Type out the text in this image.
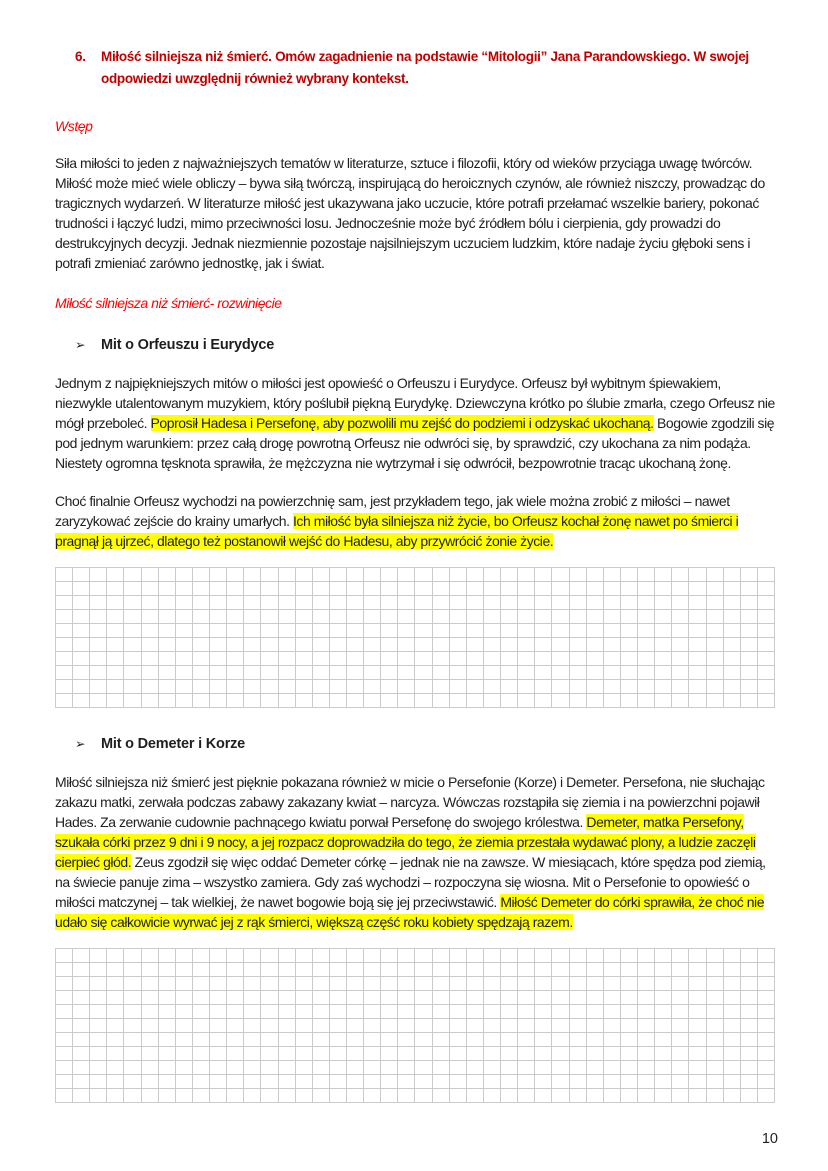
6.	Miłość silniejsza niż śmierć. Omów zagadnienie na podstawie “Mitologii” Jana Parandowskiego. W swojej odpowiedzi uwzględnij również wybrany kontekst.
Wstęp

Siła miłości to jeden z najważniejszych tematów w literaturze, sztuce i filozofii, który od wieków przyciąga uwagę twórców. Miłość może mieć wiele obliczy – bywa siłą twórczą, inspirującą do heroicznych czynów, ale również niszczy, prowadząc do tragicznych wydarzeń. W literaturze miłość jest ukazywana jako uczucie, które potrafi przełamać wszelkie bariery, pokonać trudności i łączyć ludzi, mimo przeciwności losu. Jednocześnie może być źródłem bólu i cierpienia, gdy prowadzi do destrukcyjnych decyzji. Jednak niezmiennie pozostaje najsilniejszym uczuciem ludzkim, które nadaje życiu głęboki sens i potrafi zmieniać zarówno jednostkę, jak i świat.

Miłość silniejsza niż śmierć- rozwinięcie
➢	Mit o Orfeuszu i Eurydyce

Jednym z najpiękniejszych mitów o miłości jest opowieść o Orfeuszu i Eurydyce. Orfeusz był wybitnym śpiewakiem, niezwykle utalentowanym muzykiem, który poślubił piękną Eurydykę. Dziewczyna krótko po ślubie zmarła, czego Orfeusz nie mógł przeboleć. Poprosił Hadesa i Persefonę, aby pozwolili mu zejść do podziemi i odzyskać ukochaną. Bogowie zgodzili się pod jednym warunkiem: przez całą drogę powrotną Orfeusz nie odwróci się, by sprawdzić, czy ukochana za nim podąża. Niestety ogromna tęsknota sprawiła, że mężczyzna nie wytrzymał i się odwrócił, bezpowrotnie tracąc ukochaną żonę.

Choć finalnie Orfeusz wychodzi na powierzchnię sam, jest przykładem tego, jak wiele można zrobić z miłości – nawet zaryzykować zejście do krainy umarłych. Ich miłość była silniejsza niż życie, bo Orfeusz kochał żonę nawet po śmierci i pragnął ją ujrzeć, dlatego też postanowił wejść do Hadesu, aby przywrócić żonie życie.

➢	Mit o Demeter i Korze

Miłość silniejsza niż śmierć jest pięknie pokazana również w micie o Persefonie (Korze) i Demeter. Persefona, nie słuchając zakazu matki, zerwała podczas zabawy zakazany kwiat – narcyza. Wówczas rozstąpiła się ziemia i na powierzchni pojawił Hades. Za zerwanie cudownie pachnącego kwiatu porwał Persefonę do swojego królestwa. Demeter, matka Persefony, szukała córki przez 9 dni i 9 nocy, a jej rozpacz doprowadziła do tego, że ziemia przestała wydawać plony, a ludzie zaczęli cierpieć głód. Zeus zgodził się więc oddać Demeter córkę – jednak nie na zawsze. W miesiącach, które spędza pod ziemią, na świecie panuje zima – wszystko zamiera. Gdy zaś wychodzi – rozpoczyna się wiosna. Mit o Persefonie to opowieść o miłości matczynej – tak wielkiej, że nawet bogowie boją się jej przeciwstawić. Miłość Demeter do córki sprawiła, że choć nie udało się całkowicie wyrwać jej z rąk śmierci, większą część roku kobiety spędzają razem.

10
